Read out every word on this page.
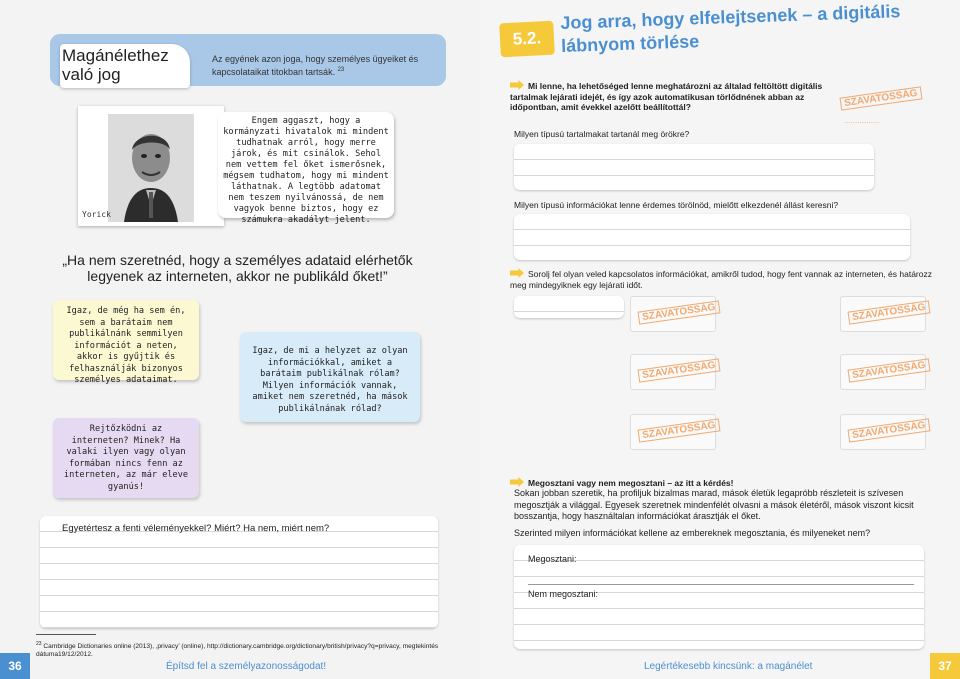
Magánélethez való jog
Az egyének azon joga, hogy személyes ügyeiket és kapcsolataikat titokban tartsák. $^{23}$
Yorick
Engem aggaszt, hogy a kormányzati hivatalok mi mindent tudhatnak arról, hogy merre járok, és mit csinálok. Sehol nem vettem fel őket ismerősnek, mégsem tudhatom, hogy mi mindent láthatnak. A legtöbb adatomat nem teszem nyilvánossá, de nem vagyok benne biztos, hogy ez számukra akadályt jelent.
„Ha nem szeretnéd, hogy a személyes adataid elérhetők legyenek az interneten, akkor ne publikáld őket!”
Igaz, de még ha sem én, sem a barátaim nem publikálnánk semmilyen információt a neten, akkor is gyűjtik és felhasználják bizonyos személyes adataimat.
Igaz, de mi a helyzet az olyan információkkal, amiket a barátaim publikálnak rólam? Milyen információk vannak, amiket nem szeretnéd, ha mások publikálnának rólad?
Rejtőzködni az interneten? Minek? Ha valaki ilyen vagy olyan formában nincs fenn az interneten, az már eleve gyanús!
Egyetértesz a fenti véleményekkel? Miért? Ha nem, miért nem?
$^{23}$ Cambridge Dictionaries online (2013), ‚privacy’ (online), http://dictionary.cambridge.org/dictionary/british/privacy?q=privacy, megtekintés dátuma19/12/2012.
36	Építsd fel a személyazonosságodat!
5.2.
Jog arra, hogy elfelejtsenek – a digitális lábnyom törlése
Mi lenne, ha lehetőséged lenne meghatározni az általad feltöltött digitális tartalmak lejárati idejét, és így azok automatikusan törlődnének abban az időpontban, amit évekkel azelőtt beállítottál?
Milyen típusú tartalmakat tartanál meg örökre?
SZAVATOSSÁG
................
Milyen típusú információkat lenne érdemes törölnöd, mielőtt elkezdenél állást keresni?
Sorolj fel olyan veled kapcsolatos információkat, amikről tudod, hogy fent vannak az interneten, és határozz meg mindegyiknek egy lejárati időt.
SZAVATOSSÁG	SZAVATOSSÁG
SZAVATOSSÁG	SZAVATOSSÁG
SZAVATOSSÁG	SZAVATOSSÁG
Megosztani vagy nem megosztani – az itt a kérdés!
Sokan jobban szeretik, ha profiljuk bizalmas marad, mások életük legapróbb részleteit is szívesen megosztják a világgal. Egyesek szeretnek mindenfélét olvasni a mások életéről, mások viszont kicsit bosszantja, hogy használtalan információkat árasztják el őket.
Szerinted milyen információkat kellene az embereknek megosztania, és milyeneket nem?
Megosztani:
Nem megosztani:
Legértékesebb kincsünk: a magánélet	37
